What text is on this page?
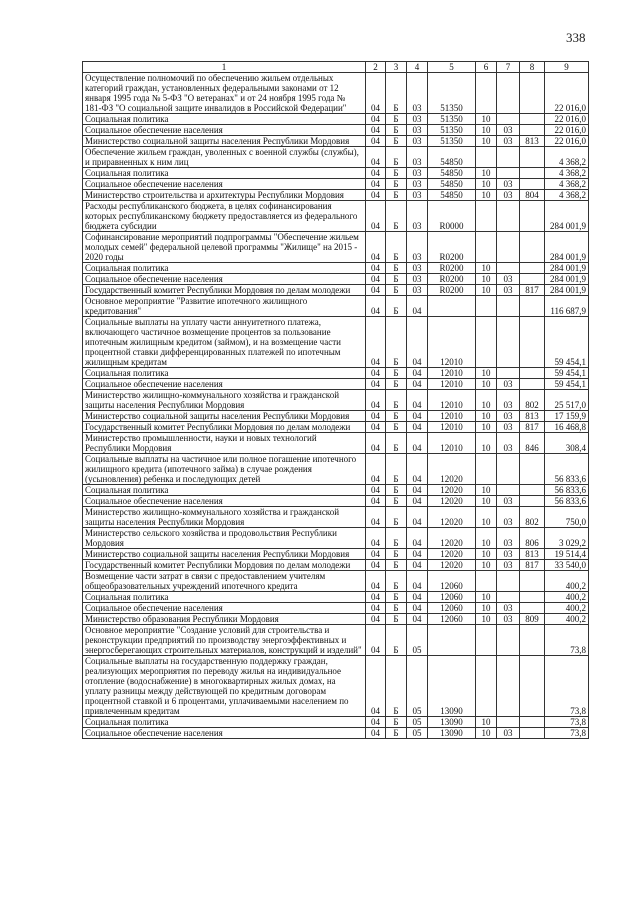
338
1	2	3	4	5	6	7	8	9
Осуществление полномочий по обеспечению жильем отдельных категорий граждан, установленных федеральными законами от 12 января 1995 года № 5-ФЗ "О ветеранах" и от 24 ноября 1995 года № 181-ФЗ "О социальной защите инвалидов в Российской Федерации"	04	Б	03	51350				22 016,0
Социальная политика	04	Б	03	51350	10			22 016,0
Социальное обеспечение населения	04	Б	03	51350	10	03		22 016,0
Министерство социальной защиты населения Республики Мордовия	04	Б	03	51350	10	03	813	22 016,0
Обеспечение жильем граждан, уволенных с военной службы (службы), и приравненных к ним лиц	04	Б	03	54850				4 368,2
Социальная политика	04	Б	03	54850	10			4 368,2
Социальное обеспечение населения	04	Б	03	54850	10	03		4 368,2
Министерство строительства и архитектуры Республики Мордовия	04	Б	03	54850	10	03	804	4 368,2
Расходы республиканского бюджета, в целях софинансирования которых республиканскому бюджету предоставляется из федерального бюджета субсидии	04	Б	03	R0000				284 001,9
Софинансирование мероприятий подпрограммы "Обеспечение жильем молодых семей" федеральной целевой программы "Жилище" на 2015 - 2020 годы	04	Б	03	R0200				284 001,9
Социальная политика	04	Б	03	R0200	10			284 001,9
Социальное обеспечение населения	04	Б	03	R0200	10	03		284 001,9
Государственный комитет Республики Мордовия по делам молодежи	04	Б	03	R0200	10	03	817	284 001,9
Основное мероприятие "Развитие ипотечного жилищного кредитования"	04	Б	04					116 687,9
Социальные выплаты на уплату части аннуитетного платежа, включающего частичное возмещение процентов за пользование ипотечным жилищным кредитом (займом), и на возмещение части процентной ставки дифференцированных платежей по ипотечным жилищным кредитам	04	Б	04	12010				59 454,1
Социальная политика	04	Б	04	12010	10			59 454,1
Социальное обеспечение населения	04	Б	04	12010	10	03		59 454,1
Министерство жилищно-коммунального хозяйства и гражданской защиты населения Республики Мордовия	04	Б	04	12010	10	03	802	25 517,0
Министерство социальной защиты населения Республики Мордовия	04	Б	04	12010	10	03	813	17 159,9
Государственный комитет Республики Мордовия по делам молодежи	04	Б	04	12010	10	03	817	16 468,8
Министерство промышленности, науки и новых технологий Республики Мордовия	04	Б	04	12010	10	03	846	308,4
Социальные выплаты на частичное или полное погашение ипотечного жилищного кредита (ипотечного займа) в случае рождения (усыновления) ребенка и последующих детей	04	Б	04	12020				56 833,6
Социальная политика	04	Б	04	12020	10			56 833,6
Социальное обеспечение населения	04	Б	04	12020	10	03		56 833,6
Министерство жилищно-коммунального хозяйства и гражданской защиты населения Республики Мордовия	04	Б	04	12020	10	03	802	750,0
Министерство сельского хозяйства и продовольствия Республики Мордовия	04	Б	04	12020	10	03	806	3 029,2
Министерство социальной защиты населения Республики Мордовия	04	Б	04	12020	10	03	813	19 514,4
Государственный комитет Республики Мордовия по делам молодежи	04	Б	04	12020	10	03	817	33 540,0
Возмещение части затрат в связи с предоставлением учителям общеобразовательных учреждений ипотечного кредита	04	Б	04	12060				400,2
Социальная политика	04	Б	04	12060	10			400,2
Социальное обеспечение населения	04	Б	04	12060	10	03		400,2
Министерство образования Республики Мордовия	04	Б	04	12060	10	03	809	400,2
Основное мероприятие "Создание условий для строительства и реконструкции предприятий по производству энергоэффективных и энергосберегающих строительных материалов, конструкций и изделий"	04	Б	05					73,8
Социальные выплаты на государственную поддержку граждан, реализующих мероприятия по переводу жилья на индивидуальное отопление (водоснабжение) в многоквартирных жилых домах, на уплату разницы между действующей по кредитным договорам процентной ставкой и 6 процентами, уплачиваемыми населением по привлеченным кредитам	04	Б	05	13090				73,8
Социальная политика	04	Б	05	13090	10			73,8
Социальное обеспечение населения	04	Б	05	13090	10	03		73,8
